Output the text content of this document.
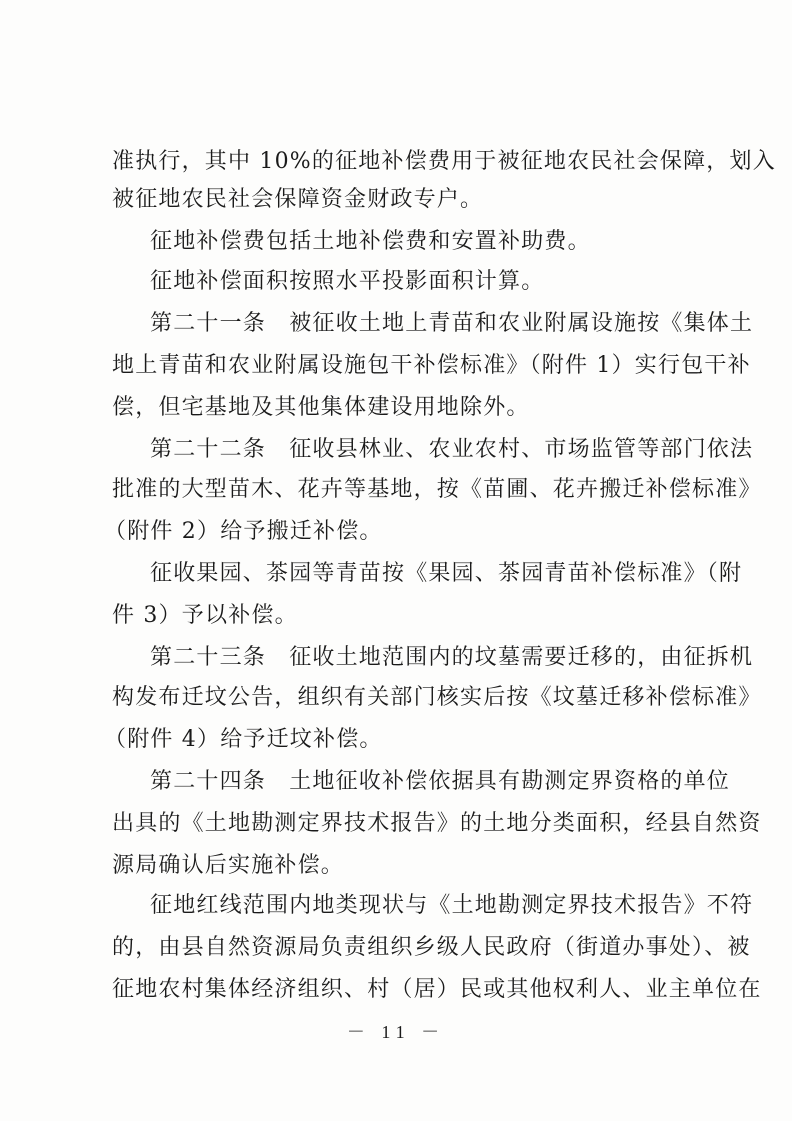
准执行，其中 10%的征地补偿费用于被征地农民社会保障，划入
被征地农民社会保障资金财政专户。
征地补偿费包括土地补偿费和安置补助费。
征地补偿面积按照水平投影面积计算。
第二十一条　被征收土地上青苗和农业附属设施按《集体土
地上青苗和农业附属设施包干补偿标准》（附件 1）实行包干补
偿，但宅基地及其他集体建设用地除外。
第二十二条　征收县林业、农业农村、市场监管等部门依法
批准的大型苗木、花卉等基地，按《苗圃、花卉搬迁补偿标准》
（附件 2）给予搬迁补偿。
征收果园、茶园等青苗按《果园、茶园青苗补偿标准》（附
件 3）予以补偿。
第二十三条　征收土地范围内的坟墓需要迁移的，由征拆机
构发布迁坟公告，组织有关部门核实后按《坟墓迁移补偿标准》
（附件 4）给予迁坟补偿。
第二十四条　土地征收补偿依据具有勘测定界资格的单位
出具的《土地勘测定界技术报告》的土地分类面积，经县自然资
源局确认后实施补偿。
征地红线范围内地类现状与《土地勘测定界技术报告》不符
的，由县自然资源局负责组织乡级人民政府（街道办事处）、被
征地农村集体经济组织、村（居）民或其他权利人、业主单位在
－ 11 －
